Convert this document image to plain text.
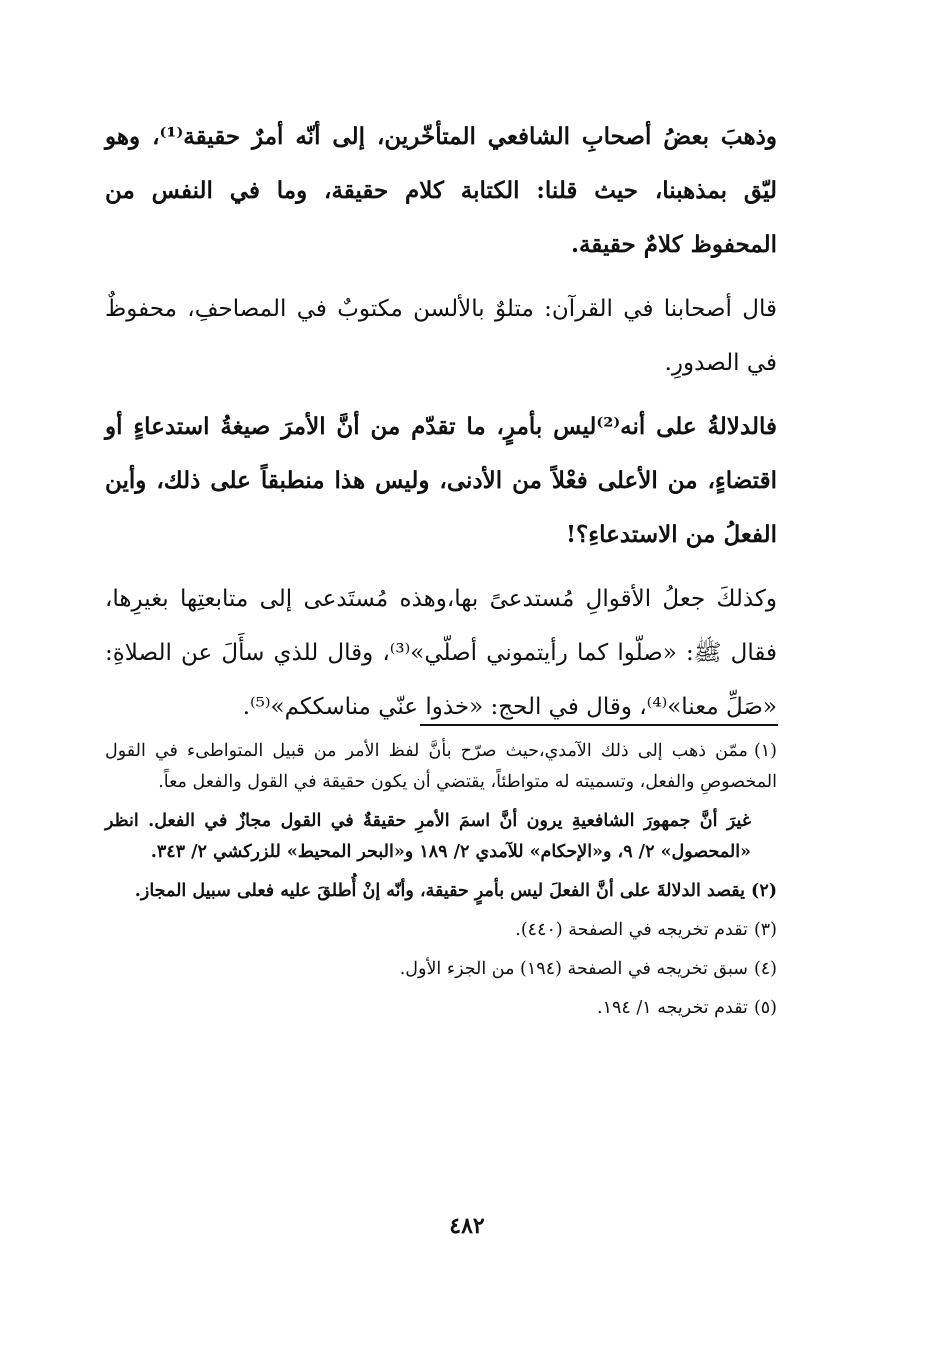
وذهبَ بعضُ أصحابِ الشافعي المتأخّرين، إلى أنّه أمرٌ حقيقة⁽¹⁾، وهو ليّق بمذهبنا، حيث قلنا: الكتابة كلام حقيقة، وما في النفس من المحفوظ كلامٌ حقيقة.

قال أصحابنا في القرآن: متلوٌ بالألسن مكتوبٌ في المصاحفِ، محفوظٌ في الصدورِ.

فالدلالةُ على أنه⁽²⁾ليس بأمرٍ، ما تقدّم من أنَّ الأمرَ صيغةُ استدعاءٍ أو اقتضاءٍ، من الأعلى فعْلاً من الأدنى، وليس هذا منطبقاً على ذلك، وأين الفعلُ من الاستدعاءِ؟!

وكذلكَ جعلُ الأقوالِ مُستدعىً بها،وهذه مُستَدعى إلى متابعتِها بغيرِها، فقال ﷺ: «صلّوا كما رأيتموني أصلّي»⁽³⁾، وقال للذي سأَلَ عن الصلاةِ: «صَلِّ معنا»⁽⁴⁾، وقال في الحج: «خذوا عنّي مناسككم»⁽⁵⁾.

(١)ممّن ذهب إلى ذلك الآمدي،حيث صرّح بأنَّ لفظ الأمر من قبيل المتواطىء في القول المخصوصِ والفعل، وتسميته له متواطئاً، يقتضي أن يكون حقيقة في القول والفعل معاً.

غيرَ أنَّ جمهورَ الشافعيةِ يرون أنَّ اسمَ الأمرِ حقيقةٌ في القول مجازٌ في الفعل. انظر «المحصول» ٢/ ٩، و«الإحكام» للآمدي ٢/ ١٨٩ و«البحر المحيط» للزركشي ٢/ ٣٤٣.

(٢)يقصد الدلالةَ على أنَّ الفعلَ ليس بأمرٍ حقيقة، وأنّه إنْ أُطلقَ عليه فعلى سبيل المجاز.

(٣)تقدم تخريجه في الصفحة (٤٤٠).

(٤)سبق تخريجه في الصفحة (١٩٤) من الجزء الأول.

(٥)تقدم تخريجه ١/ ١٩٤.

٤٨٢
